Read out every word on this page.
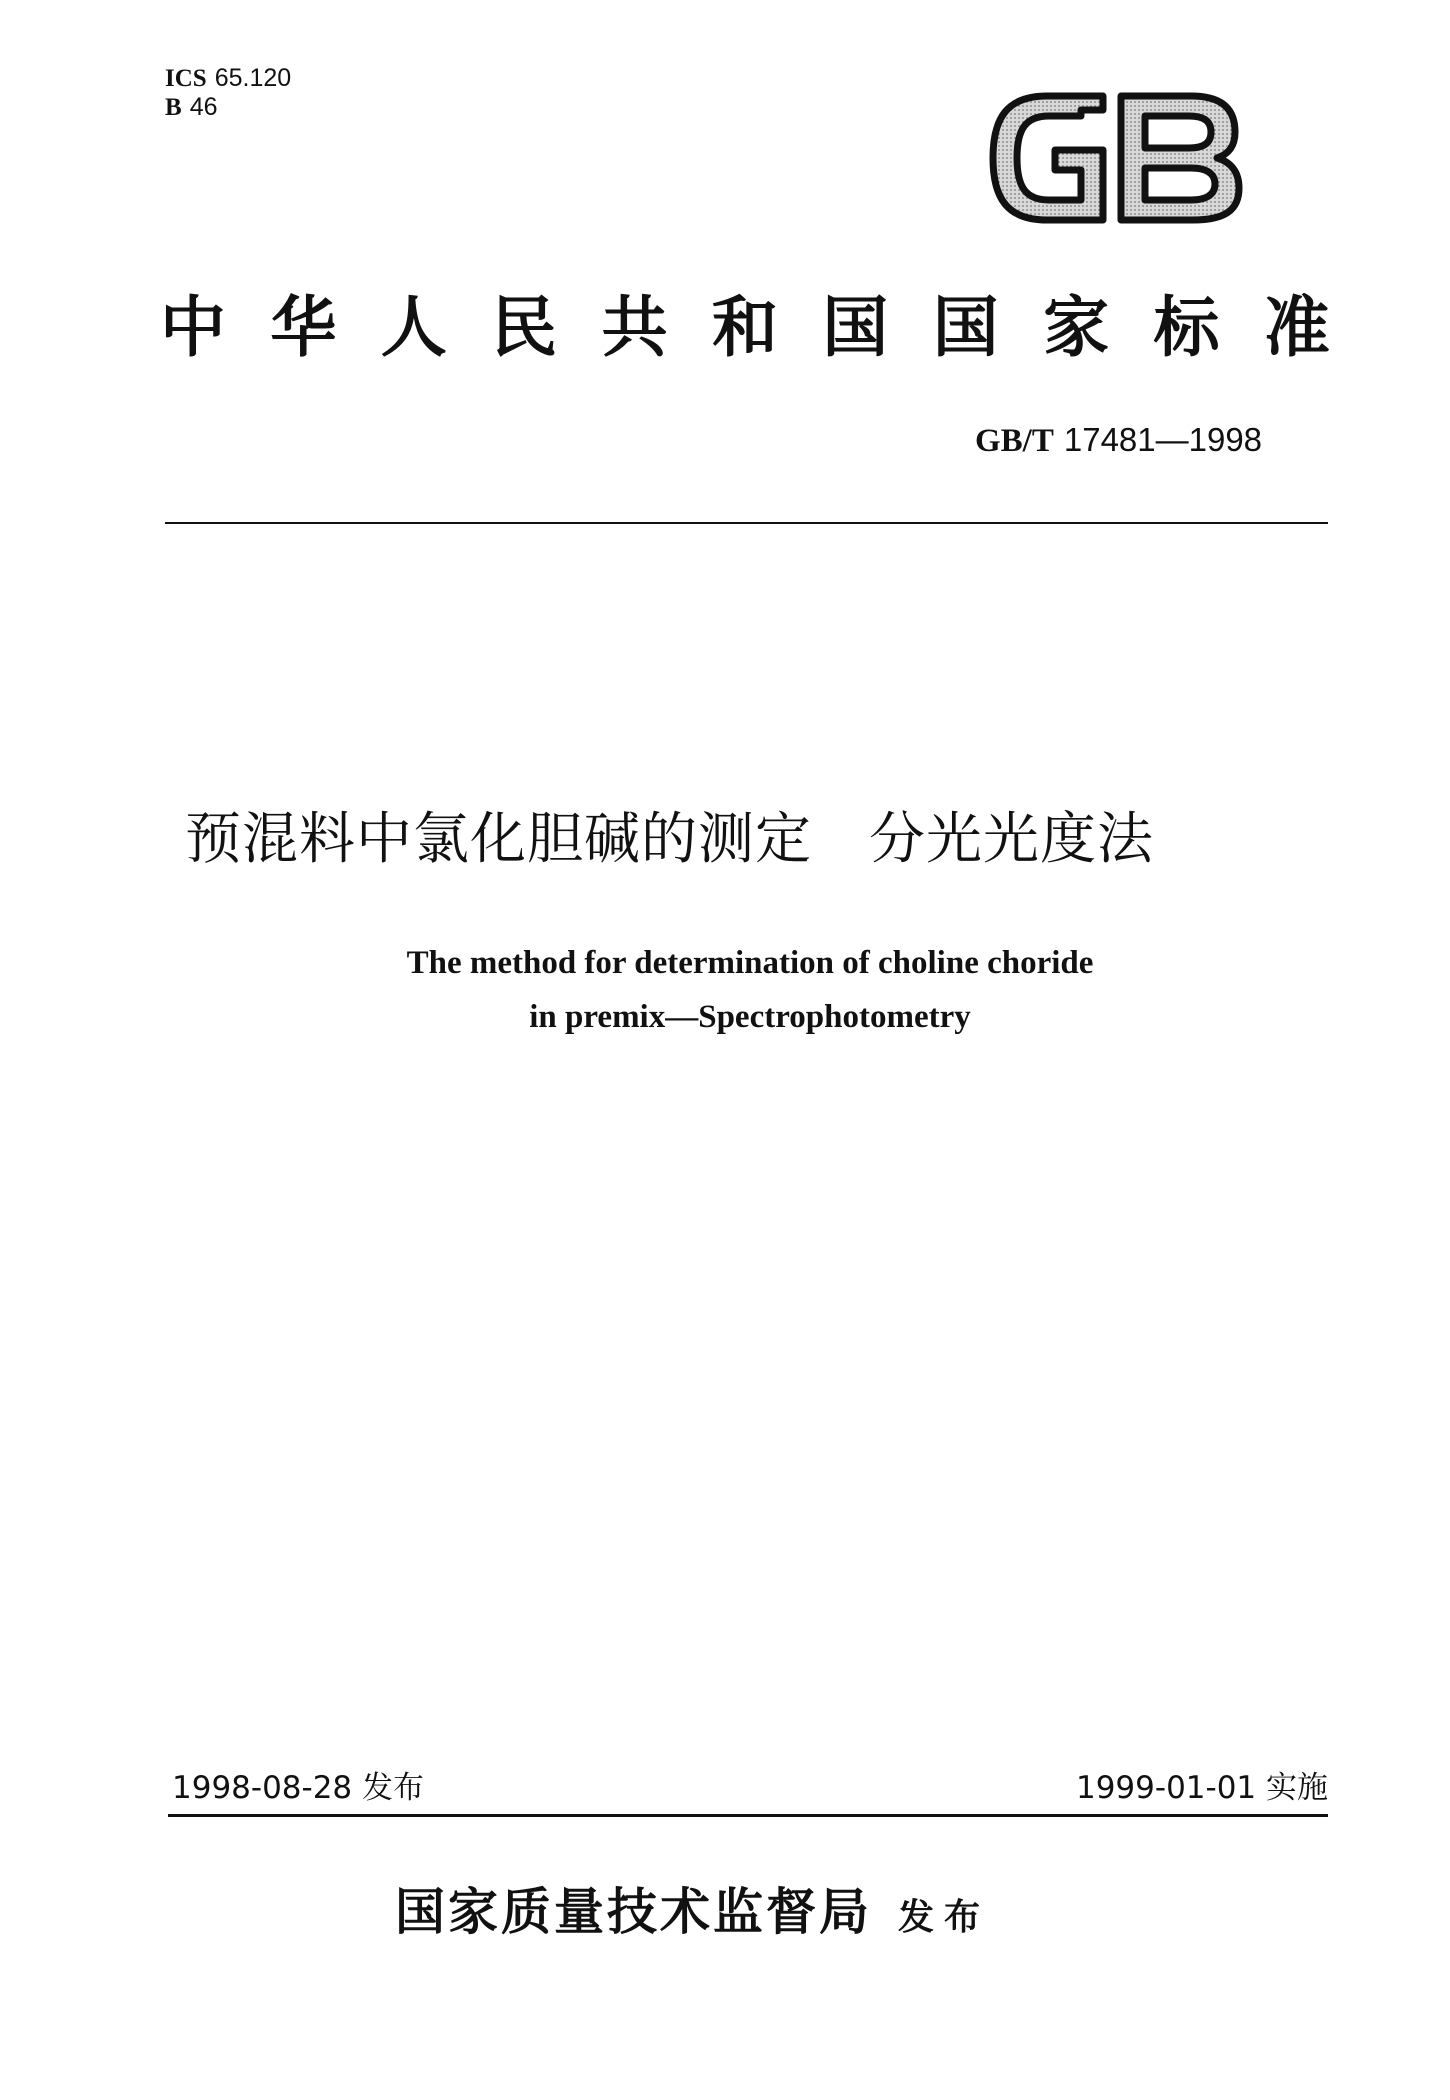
ICS 65.120
B 46
中 华 人 民 共 和 国 国 家 标 准
GB/T 17481—1998
预混料中氯化胆碱的测定　分光光度法
The method for determination of choline choride
in premix—Spectrophotometry
1998-08-28 发布	1999-01-01 实施
国家质量技术监督局 发布
